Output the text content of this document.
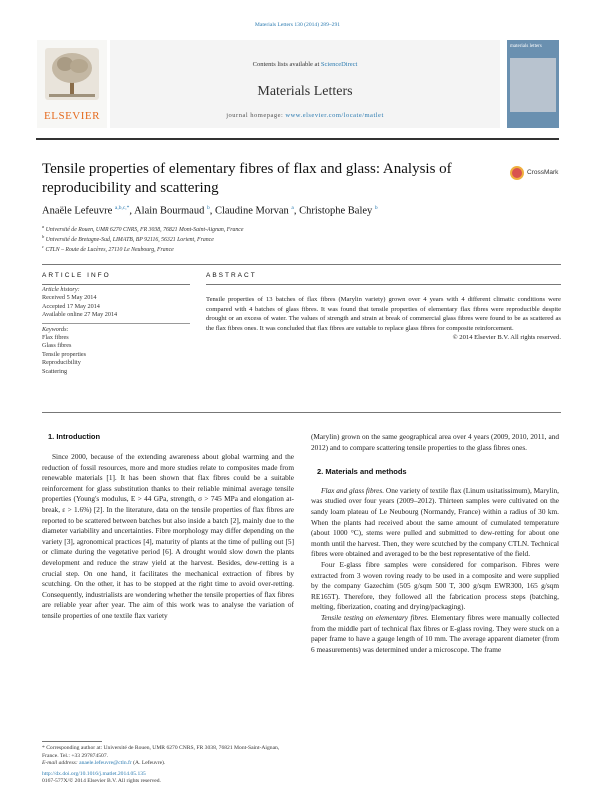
Materials Letters 130 (2014) 289–291
ELSEVIER
Contents lists available at ScienceDirect
Materials Letters
journal homepage: www.elsevier.com/locate/matlet
materials letters
Tensile properties of elementary fibres of flax and glass: Analysis of reproducibility and scattering
CrossMark
Anaële Lefeuvre $^{a,b,c,*}$, Alain Bourmaud $^b$, Claudine Morvan $^a$, Christophe Baley $^b$
$^a$ Université de Rouen, UMR 6270 CNRS, FR 3038, 76821 Mont-Saint-Aignan, France
$^b$ Université de Bretagne-Sud, LIMATB, BP 92116, 56321 Lorient, France
$^c$ CTLN – Route de Lucères, 27110 Le Neubourg, France
ARTICLE INFO	ABSTRACT
Article history:
Received 5 May 2014
Accepted 17 May 2014
Available online 27 May 2014
Keywords:
Flax fibres
Glass fibres
Tensile properties
Reproducibility
Scattering
Tensile properties of 13 batches of flax fibres (Marylin variety) grown over 4 years with 4 different climatic conditions were compared with 4 batches of glass fibres. It was found that tensile properties of elementary flax fibres were reproducible despite drought or an excess of water. The values of strength and strain at break of commercial glass fibres were found to be as scattered as the flax fibres ones. It was concluded that flax fibres are suitable to replace glass fibres for composite reinforcement.
© 2014 Elsevier B.V. All rights reserved.
1. Introduction

Since 2000, because of the extending awareness about global warming and the reduction of fossil resources, more and more studies relate to composites made from renewable materials [1]. It has been shown that flax fibres could be a suitable reinforcement for glass substitution thanks to their reliable minimal average tensile properties (Young's modulus, E > 44 GPa, strength, σ > 745 MPa and elongation at-break, ε > 1.6%) [2]. In the literature, data on the tensile properties of flax fibres are reported to be scattered between batches but also inside a batch [2], mainly due to the diameter variability and uncertainties. Fibre morphology may differ depending on the variety [3], agronomical practices [4], maturity of plants at the time of pulling out [5] or climate during the vegetative period [6]. A drought would slow down the plants development and reduce the straw yield at the harvest. Besides, dew-retting is a crucial step. On one hand, it facilitates the mechanical extraction of fibres by scutching. On the other, it has to be stopped at the right time to avoid over-retting. Consequently, industrialists are wondering whether the tensile properties of flax fibres are reliable year after year. The aim of this work was to analyse the variation of tensile properties of one textile flax variety

* Corresponding author at: Université de Rouen, UMR 6270 CNRS, FR 3038, 76821 Mont-Saint-Aignan, France. Tel.: +33 297874507.
E-mail address: anaele.lefeuvre@ctln.fr (A. Lefeuvre).
http://dx.doi.org/10.1016/j.matlet.2014.05.135
0167-577X/© 2014 Elsevier B.V. All rights reserved.

(Marylin) grown on the same geographical area over 4 years (2009, 2010, 2011, and 2012) and to compare scattering tensile properties to the glass fibres ones.

2. Materials and methods

Flax and glass fibres. One variety of textile flax (Linum usitatissimum), Marylin, was studied over four years (2009–2012). Thirteen samples were cultivated on the sandy loam plateau of Le Neubourg (Normandy, France) within a radius of 30 km. When the plants had received about the same amount of cumulated temperature (about 1000 °C), stems were pulled and submitted to dew-retting for about one month until the harvest. Then, they were scutched by the company CTLN. Technical fibres were obtained and averaged to be the best representative of the field.

Four E-glass fibre samples were considered for comparison. Fibres were extracted from 3 woven roving ready to be used in a composite and were supplied by the company Gazechim (505 g/sqm 500 T, 300 g/sqm EWR300, 165 g/sqm RE165T). Therefore, they followed all the fabrication process steps (batching, melting, fiberization, coating and drying/packaging).

Tensile testing on elementary fibres. Elementary fibres were manually collected from the middle part of technical flax fibres or E-glass roving. They were stuck on a paper frame to have a gauge length of 10 mm. The average apparent diameter (from 6 measurements) was determined under a microscope. The frame
